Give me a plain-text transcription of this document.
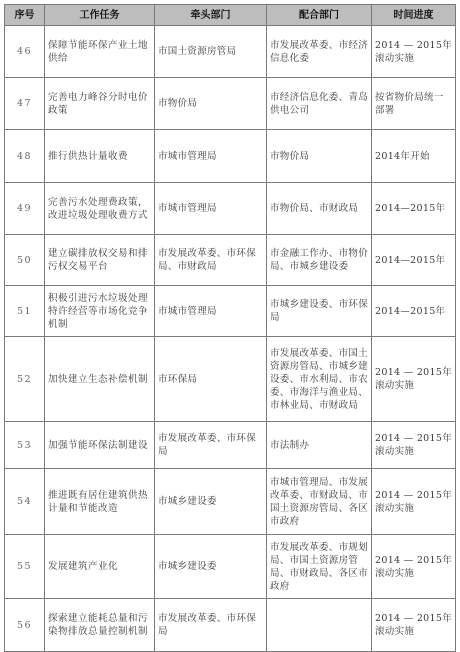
序号	工作任务	牵头部门	配合部门	时间进度
46	保障节能环保产业土地供给	市国土资源房管局	市发展改革委、市经济信息化委	2014 — 2015年滚动实施
47	完善电力峰谷分时电价政策	市物价局	市经济信息化委、青岛供电公司	按省物价局统一部署
48	推行供热计量收费	市城市管理局	市物价局	2014年开始
49	完善污水处理费政策，改进垃圾处理收费方式	市城市管理局	市物价局、市财政局	2014—2015年
50	建立碳排放权交易和排污权交易平台	市发展改革委、市环保局、市财政局	市金融工作办、市物价局、市城乡建设委	2014—2015年
51	积极引进污水垃圾处理特许经营等市场化竞争机制	市城市管理局	市城乡建设委、市环保局	2014—2015年
52	加快建立生态补偿机制	市环保局	市发展改革委、市国土资源房管局、市城乡建设委、市水利局、市农委、市海洋与渔业局、市林业局、市财政局	2014 — 2015年滚动实施
53	加强节能环保法制建设	市发展改革委、市环保局	市法制办	2014 — 2015年滚动实施
54	推进既有居住建筑供热计量和节能改造	市城乡建设委	市城市管理局、市发展改革委、市财政局、市国土资源房管局、各区市政府	2014 — 2015年滚动实施
55	发展建筑产业化	市城乡建设委	市发展改革委、市规划局、市国土资源房管局、市财政局、各区市政府	2014 — 2015年滚动实施
56	探索建立能耗总量和污染物排放总量控制机制	市发展改革委、市环保局		2014 — 2015年滚动实施
